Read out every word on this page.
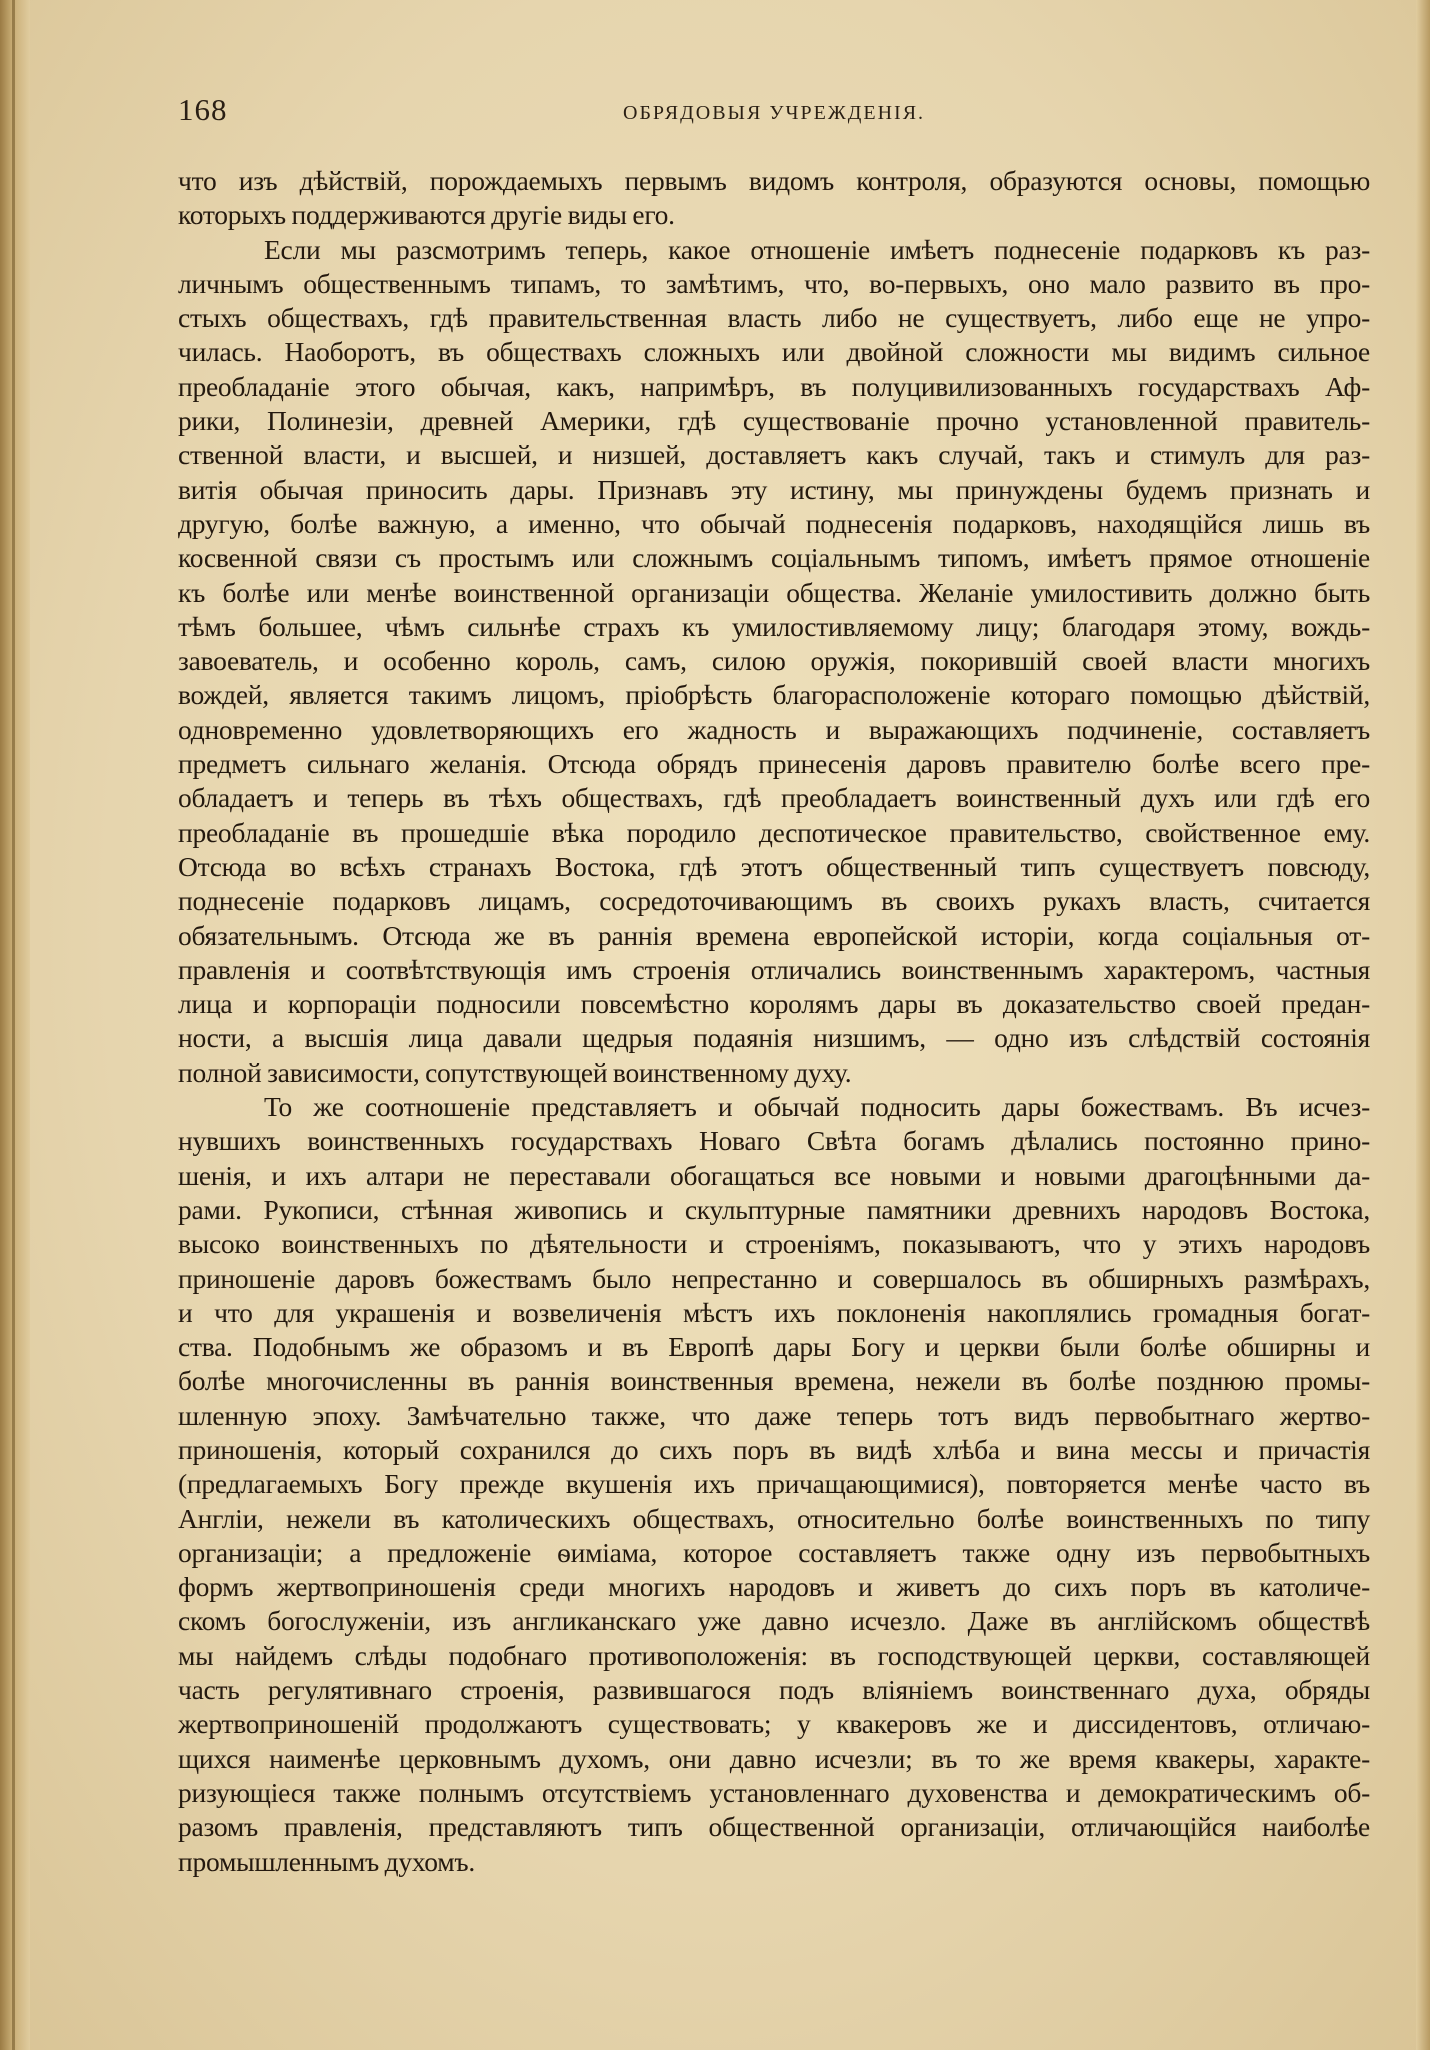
168	ОБРЯДОВЫЯ УЧРЕЖДЕНІЯ.
что изъ дѣйствій, порождаемыхъ первымъ видомъ контроля, образуются основы, помощью
которыхъ поддерживаются другіе виды его.
Если мы разсмотримъ теперь, какое отношеніе имѣетъ поднесеніе подарковъ къ раз-
личнымъ общественнымъ типамъ, то замѣтимъ, что, во-первыхъ, оно мало развито въ про-
стыхъ обществахъ, гдѣ правительственная власть либо не существуетъ, либо еще не упро-
чилась. Наоборотъ, въ обществахъ сложныхъ или двойной сложности мы видимъ сильное
преобладаніе этого обычая, какъ, напримѣръ, въ полуцивилизованныхъ государствахъ Аф-
рики, Полинезіи, древней Америки, гдѣ существованіе прочно установленной правитель-
ственной власти, и высшей, и низшей, доставляетъ какъ случай, такъ и стимулъ для раз-
витія обычая приносить дары. Признавъ эту истину, мы принуждены будемъ признать и
другую, болѣе важную, а именно, что обычай поднесенія подарковъ, находящійся лишь въ
косвенной связи съ простымъ или сложнымъ соціальнымъ типомъ, имѣетъ прямое отношеніе
къ болѣе или менѣе воинственной организаціи общества. Желаніе умилостивить должно быть
тѣмъ большее, чѣмъ сильнѣе страхъ къ умилостивляемому лицу; благодаря этому, вождь-
завоеватель, и особенно король, самъ, силою оружія, покорившій своей власти многихъ
вождей, является такимъ лицомъ, пріобрѣсть благорасположеніе котораго помощью дѣйствій,
одновременно удовлетворяющихъ его жадность и выражающихъ подчиненіе, составляетъ
предметъ сильнаго желанія. Отсюда обрядъ принесенія даровъ правителю болѣе всего пре-
обладаетъ и теперь въ тѣхъ обществахъ, гдѣ преобладаетъ воинственный духъ или гдѣ его
преобладаніе въ прошедшіе вѣка породило деспотическое правительство, свойственное ему.
Отсюда во всѣхъ странахъ Востока, гдѣ этотъ общественный типъ существуетъ повсюду,
поднесеніе подарковъ лицамъ, сосредоточивающимъ въ своихъ рукахъ власть, считается
обязательнымъ. Отсюда же въ раннія времена европейской исторіи, когда соціальныя от-
правленія и соотвѣтствующія имъ строенія отличались воинственнымъ характеромъ, частныя
лица и корпораціи подносили повсемѣстно королямъ дары въ доказательство своей предан-
ности, а высшія лица давали щедрыя подаянія низшимъ, — одно изъ слѣдствій состоянія
полной зависимости, сопутствующей воинственному духу.
То же соотношеніе представляетъ и обычай подносить дары божествамъ. Въ исчез-
нувшихъ воинственныхъ государствахъ Новаго Свѣта богамъ дѣлались постоянно прино-
шенія, и ихъ алтари не переставали обогащаться все новыми и новыми драгоцѣнными да-
рами. Рукописи, стѣнная живопись и скульптурные памятники древнихъ народовъ Востока,
высоко воинственныхъ по дѣятельности и строеніямъ, показываютъ, что у этихъ народовъ
приношеніе даровъ божествамъ было непрестанно и совершалось въ обширныхъ размѣрахъ,
и что для украшенія и возвеличенія мѣстъ ихъ поклоненія накоплялись громадныя богат-
ства. Подобнымъ же образомъ и въ Европѣ дары Богу и церкви были болѣе обширны и
болѣе многочисленны въ раннія воинственныя времена, нежели въ болѣе позднюю промы-
шленную эпоху. Замѣчательно также, что даже теперь тотъ видъ первобытнаго жертво-
приношенія, который сохранился до сихъ поръ въ видѣ хлѣба и вина мессы и причастія
(предлагаемыхъ Богу прежде вкушенія ихъ причащающимися), повторяется менѣе часто въ
Англіи, нежели въ католическихъ обществахъ, относительно болѣе воинственныхъ по типу
организаціи; а предложеніе ѳиміама, которое составляетъ также одну изъ первобытныхъ
формъ жертвоприношенія среди многихъ народовъ и живетъ до сихъ поръ въ католиче-
скомъ богослуженіи, изъ англиканскаго уже давно исчезло. Даже въ англійскомъ обществѣ
мы найдемъ слѣды подобнаго противоположенія: въ господствующей церкви, составляющей
часть регулятивнаго строенія, развившагося подъ вліяніемъ воинственнаго духа, обряды
жертвоприношеній продолжаютъ существовать; у квакеровъ же и диссидентовъ, отличаю-
щихся наименѣе церковнымъ духомъ, они давно исчезли; въ то же время квакеры, характе-
ризующіеся также полнымъ отсутствіемъ установленнаго духовенства и демократическимъ об-
разомъ правленія, представляютъ типъ общественной организаціи, отличающійся наиболѣе
промышленнымъ духомъ.
